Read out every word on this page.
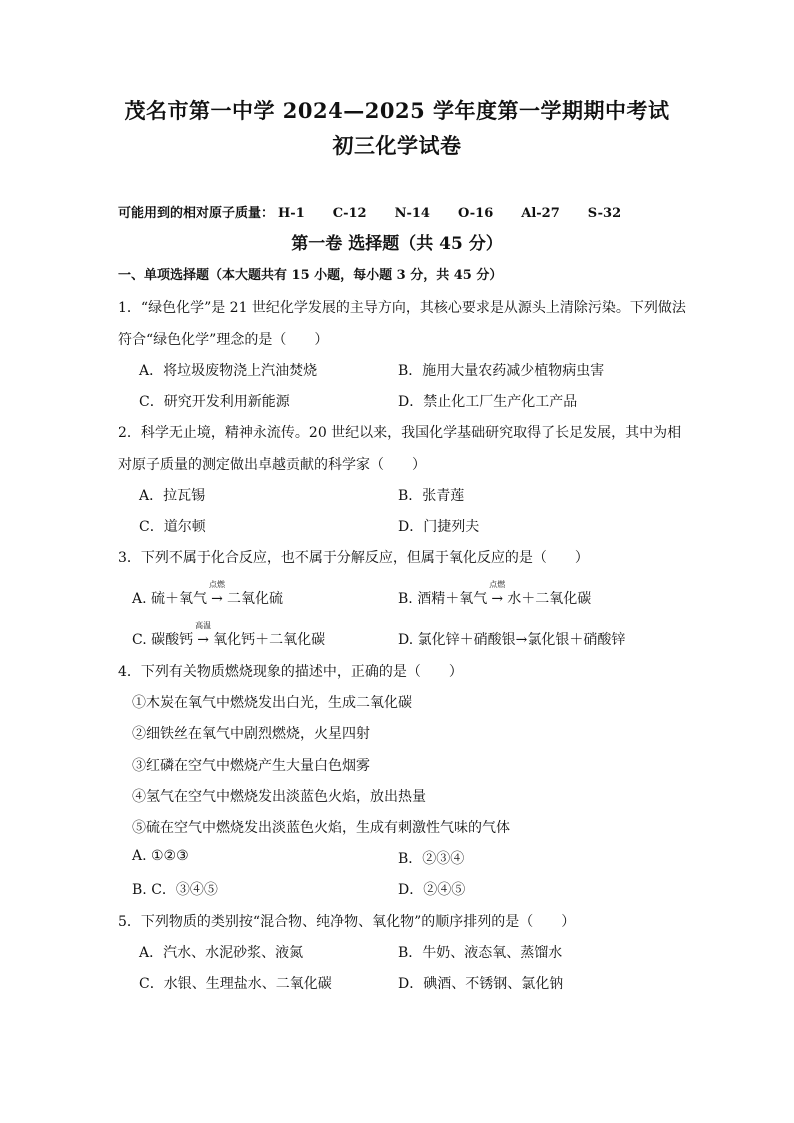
茂名市第一中学 2024—2025 学年度第一学期期中考试
初三化学试卷
可能用到的相对原子质量： H-1 C-12 N-14 O-16 Al-27 S-32
第一卷 选择题（共 45 分）
一、单项选择题（本大题共有 15 小题，每小题 3 分，共 45 分）
1．“绿色化学”是 21 世纪化学发展的主导方向，其核心要求是从源头上清除污染。下列做法
符合“绿色化学”理念的是（　　）
A．将垃圾废物浇上汽油焚烧	B．施用大量农药减少植物病虫害
C．研究开发利用新能源	D．禁止化工厂生产化工产品
2．科学无止境，精神永流传。20 世纪以来，我国化学基础研究取得了长足发展，其中为相
对原子质量的测定做出卓越贡献的科学家（　　）
A．拉瓦锡	B．张青莲
C．道尔顿	D．门捷列夫
3．下列不属于化合反应，也不属于分解反应，但属于氧化反应的是（　　）
A. 硫＋氧气
点燃
→ 二氧化硫	B. 酒精＋氧气
点燃
→ 水＋二氧化碳
C. 碳酸钙
高温
→ 氧化钙＋二氧化碳	D. 氯化锌＋硝酸银→氯化银＋硝酸锌
4．下列有关物质燃烧现象的描述中，正确的是（　　）
①木炭在氧气中燃烧发出白光，生成二氧化碳
②细铁丝在氧气中剧烈燃烧，火星四射
③红磷在空气中燃烧产生大量白色烟雾
④氢气在空气中燃烧发出淡蓝色火焰，放出热量
⑤硫在空气中燃烧发出淡蓝色火焰，生成有刺激性气味的气体
A. ①②③	B．②③④
B. C．③④⑤	D．②④⑤
5．下列物质的类别按“混合物、纯净物、氧化物”的顺序排列的是（　　）
A．汽水、水泥砂浆、液氮	B．牛奶、液态氧、蒸馏水
C．水银、生理盐水、二氧化碳	D．碘酒、不锈钢、氯化钠
